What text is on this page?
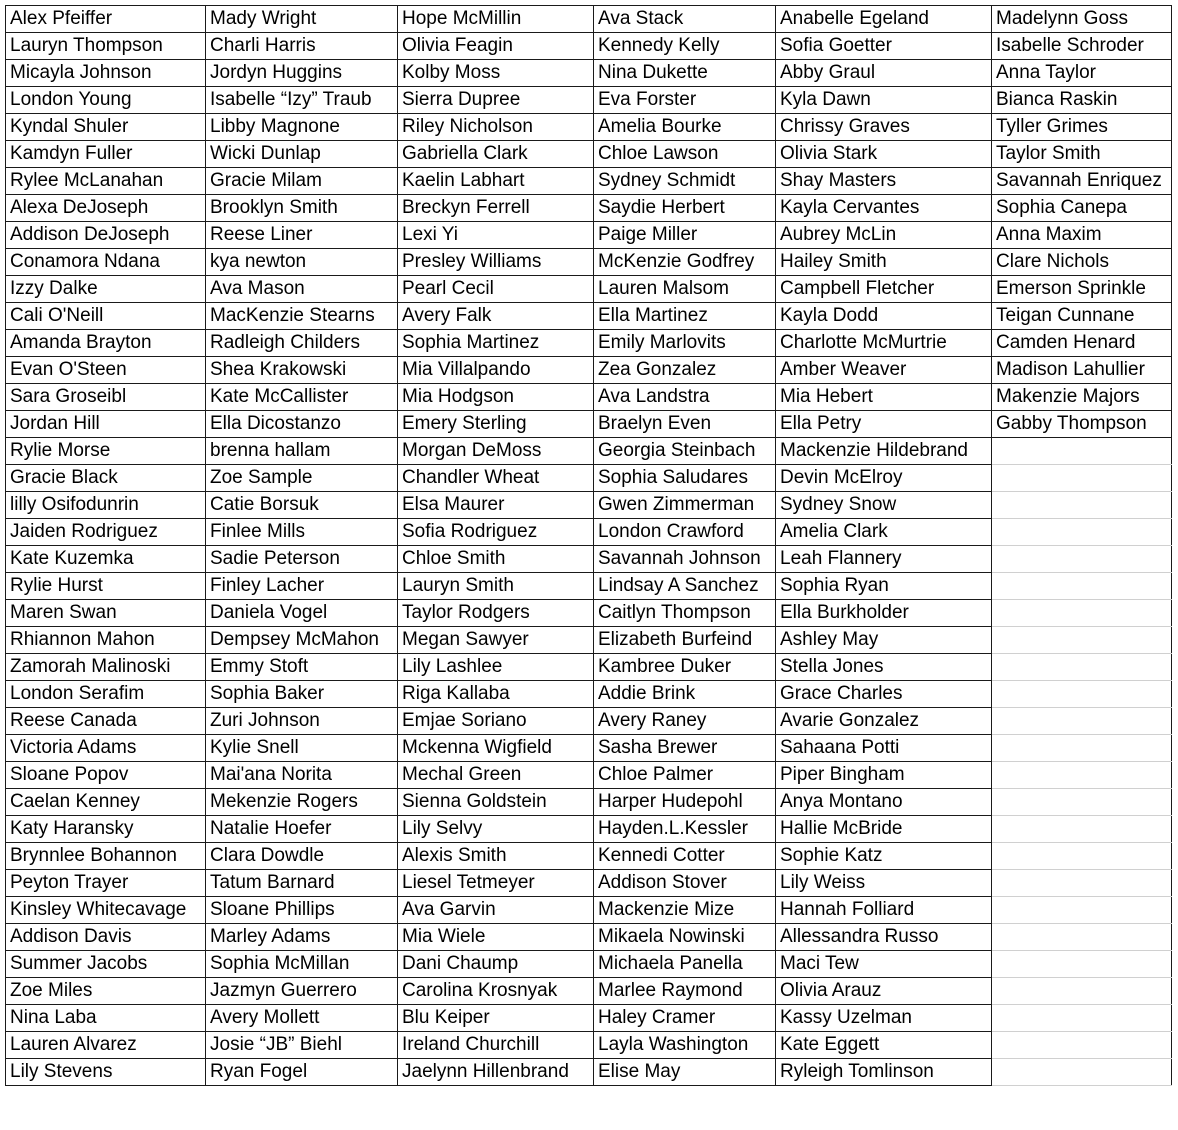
Alex Pfeiffer	Mady Wright	Hope McMillin	Ava Stack	Anabelle Egeland	Madelynn Goss
Lauryn Thompson	Charli Harris	Olivia Feagin	Kennedy Kelly	Sofia Goetter	Isabelle Schroder
Micayla Johnson	Jordyn Huggins	Kolby Moss	Nina Dukette	Abby Graul	Anna Taylor
London Young	Isabelle “Izy” Traub	Sierra Dupree	Eva Forster	Kyla Dawn	Bianca Raskin
Kyndal Shuler	Libby Magnone	Riley Nicholson	Amelia Bourke	Chrissy Graves	Tyller Grimes
Kamdyn Fuller	Wicki Dunlap	Gabriella Clark	Chloe Lawson	Olivia Stark	Taylor Smith
Rylee McLanahan	Gracie Milam	Kaelin Labhart	Sydney Schmidt	Shay Masters	Savannah Enriquez
Alexa DeJoseph	Brooklyn Smith	Breckyn Ferrell	Saydie Herbert	Kayla Cervantes	Sophia Canepa
Addison DeJoseph	Reese Liner	Lexi Yi	Paige Miller	Aubrey McLin	Anna Maxim
Conamora Ndana	kya newton	Presley Williams	McKenzie Godfrey	Hailey Smith	Clare Nichols
Izzy Dalke	Ava Mason	Pearl Cecil	Lauren Malsom	Campbell Fletcher	Emerson Sprinkle
Cali O'Neill	MacKenzie Stearns	Avery Falk	Ella Martinez	Kayla Dodd	Teigan Cunnane
Amanda Brayton	Radleigh Childers	Sophia Martinez	Emily Marlovits	Charlotte McMurtrie	Camden Henard
Evan O'Steen	Shea Krakowski	Mia Villalpando	Zea Gonzalez	Amber Weaver	Madison Lahullier
Sara Groseibl	Kate McCallister	Mia Hodgson	Ava Landstra	Mia Hebert	Makenzie Majors
Jordan Hill	Ella Dicostanzo	Emery Sterling	Braelyn Even	Ella Petry	Gabby Thompson
Rylie Morse	brenna hallam	Morgan DeMoss	Georgia Steinbach	Mackenzie Hildebrand	
Gracie Black	Zoe Sample	Chandler Wheat	Sophia Saludares	Devin McElroy	
lilly Osifodunrin	Catie Borsuk	Elsa Maurer	Gwen Zimmerman	Sydney Snow	
Jaiden Rodriguez	Finlee Mills	Sofia Rodriguez	London Crawford	Amelia Clark	
Kate Kuzemka	Sadie Peterson	Chloe Smith	Savannah Johnson	Leah Flannery	
Rylie Hurst	Finley Lacher	Lauryn Smith	Lindsay A Sanchez	Sophia Ryan	
Maren Swan	Daniela Vogel	Taylor Rodgers	Caitlyn Thompson	Ella Burkholder	
Rhiannon Mahon	Dempsey McMahon	Megan Sawyer	Elizabeth Burfeind	Ashley May	
Zamorah Malinoski	Emmy Stoft	Lily Lashlee	Kambree Duker	Stella Jones	
London Serafim	Sophia Baker	Riga Kallaba	Addie Brink	Grace Charles	
Reese Canada	Zuri Johnson	Emjae Soriano	Avery Raney	Avarie Gonzalez	
Victoria Adams	Kylie Snell	Mckenna Wigfield	Sasha Brewer	Sahaana Potti	
Sloane Popov	Mai'ana Norita	Mechal Green	Chloe Palmer	Piper Bingham	
Caelan Kenney	Mekenzie Rogers	Sienna Goldstein	Harper Hudepohl	Anya Montano	
Katy Haransky	Natalie Hoefer	Lily Selvy	Hayden.L.Kessler	Hallie McBride	
Brynnlee Bohannon	Clara Dowdle	Alexis Smith	Kennedi Cotter	Sophie Katz	
Peyton Trayer	Tatum Barnard	Liesel Tetmeyer	Addison Stover	Lily Weiss	
Kinsley Whitecavage	Sloane Phillips	Ava Garvin	Mackenzie Mize	Hannah Folliard	
Addison Davis	Marley Adams	Mia Wiele	Mikaela Nowinski	Allessandra Russo	
Summer Jacobs	Sophia McMillan	Dani Chaump	Michaela Panella	Maci Tew	
Zoe Miles	Jazmyn Guerrero	Carolina Krosnyak	Marlee Raymond	Olivia Arauz	
Nina Laba	Avery Mollett	Blu Keiper	Haley Cramer	Kassy Uzelman	
Lauren Alvarez	Josie “JB” Biehl	Ireland Churchill	Layla Washington	Kate Eggett	
Lily Stevens	Ryan Fogel	Jaelynn Hillenbrand	Elise May	Ryleigh Tomlinson	
